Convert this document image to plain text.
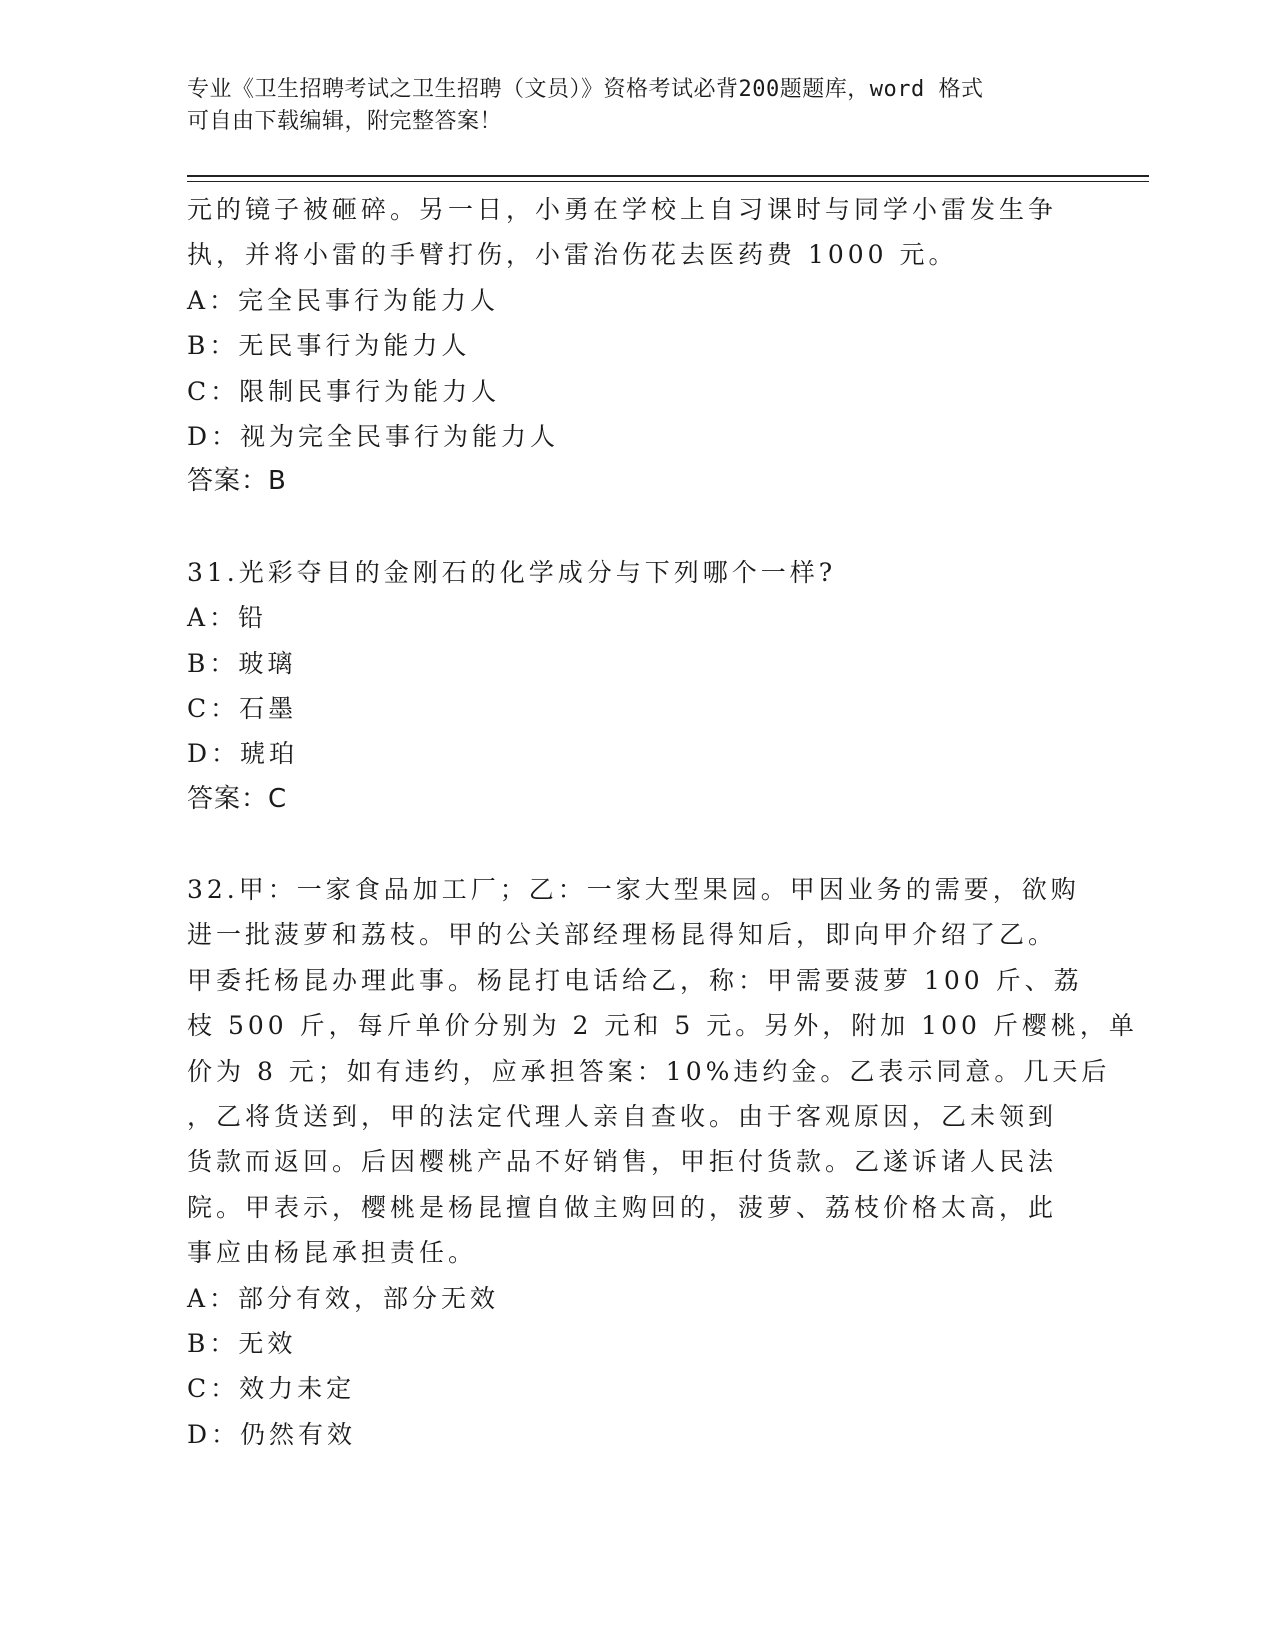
专业《卫生招聘考试之卫生招聘（文员）》资格考试必背200题题库，word 格式
可自由下载编辑，附完整答案！
元的镜子被砸碎。另一日，小勇在学校上自习课时与同学小雷发生争
执，并将小雷的手臂打伤，小雷治伤花去医药费 1000 元。
A：完全民事行为能力人
B：无民事行为能力人
C：限制民事行为能力人
D：视为完全民事行为能力人
答案：B
31.光彩夺目的金刚石的化学成分与下列哪个一样?
A：铅
B：玻璃
C：石墨
D：琥珀
答案：C
32.甲：一家食品加工厂；乙：一家大型果园。甲因业务的需要，欲购
进一批菠萝和荔枝。甲的公关部经理杨昆得知后，即向甲介绍了乙。
甲委托杨昆办理此事。杨昆打电话给乙，称：甲需要菠萝 100 斤、荔
枝 500 斤，每斤单价分别为 2 元和 5 元。另外，附加 100 斤樱桃，单
价为 8 元；如有违约，应承担答案：10%违约金。乙表示同意。几天后
，乙将货送到，甲的法定代理人亲自查收。由于客观原因，乙未领到
货款而返回。后因樱桃产品不好销售，甲拒付货款。乙遂诉诸人民法
院。甲表示，樱桃是杨昆擅自做主购回的，菠萝、荔枝价格太高，此
事应由杨昆承担责任。
A：部分有效，部分无效
B：无效
C：效力未定
D：仍然有效
